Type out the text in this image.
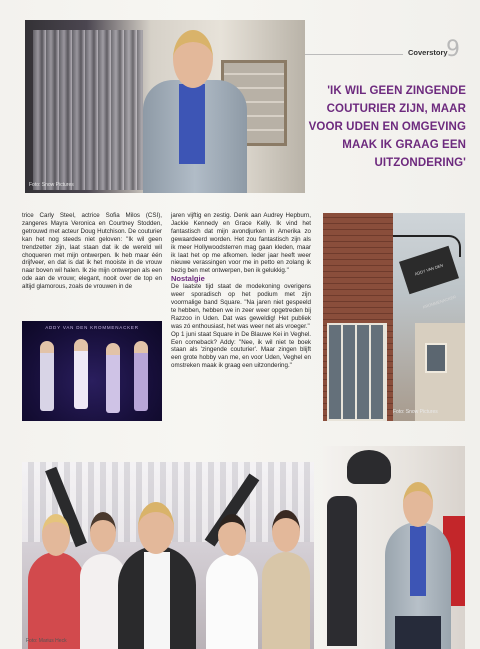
Coverstory
9
Foto: Snow Pictures
'IK WIL GEEN ZINGENDE COUTURIER ZIJN, MAAR VOOR UDEN EN OMGEVING MAAK IK GRAAG EEN UITZONDERING'

trice Carly Steel, actrice Sofia Milos (CSI), zangeres Mayra Veronica en Courtney Stodden, getrouwd met acteur Doug Hutchison. De couturier kan het nog steeds niet geloven: "Ik wil geen trendzetter zijn, laat staan dat ik de wereld wil choqueren met mijn ontwerpen. Ik heb maar één drijfveer, en dat is dat ik het mooiste in de vrouw naar boven wil halen. Ik zie mijn ontwerpen als een ode aan de vrouw; elegant, nooit over de top en altijd glamorous, zoals de vrouwen in de

ADDY VAN DEN KROMMENACKER

jaren vijftig en zestig. Denk aan Audrey Hepburn, Jackie Kennedy en Grace Kelly. Ik vind het fantastisch dat mijn avondjurken in Amerika zo gewaardeerd worden. Het zou fantastisch zijn als ik meer Hollywoodsterren mag gaan kleden, maar ik laat het op me afkomen. Ieder jaar heeft weer nieuwe verassingen voor me in petto en zolang ik bezig ben met ontwerpen, ben ik gelukkig."

Nostalgie

De laatste tijd staat de modekoning overigens weer sporadisch op het podium met zijn voormalige band Square. "Na jaren niet gespeeld te hebben, hebben we in zeer weer opgetreden bij Razzoo in Uden. Dat was geweldig! Het publiek was zó enthousiast, het was weer net als vroeger."

Op 1 juni staat Square in De Blauwe Kei in Veghel. Een comeback? Addy: "Nee, ik wil niet te boek staan als 'zingende couturier'. Maar zingen blijft een grote hobby van me, en voor Uden, Veghel en omstreken maak ik graag een uitzondering."

ADDY VAN DEN KROMMENACKER
Foto: Snow Pictures
Foto: Marius Heck
